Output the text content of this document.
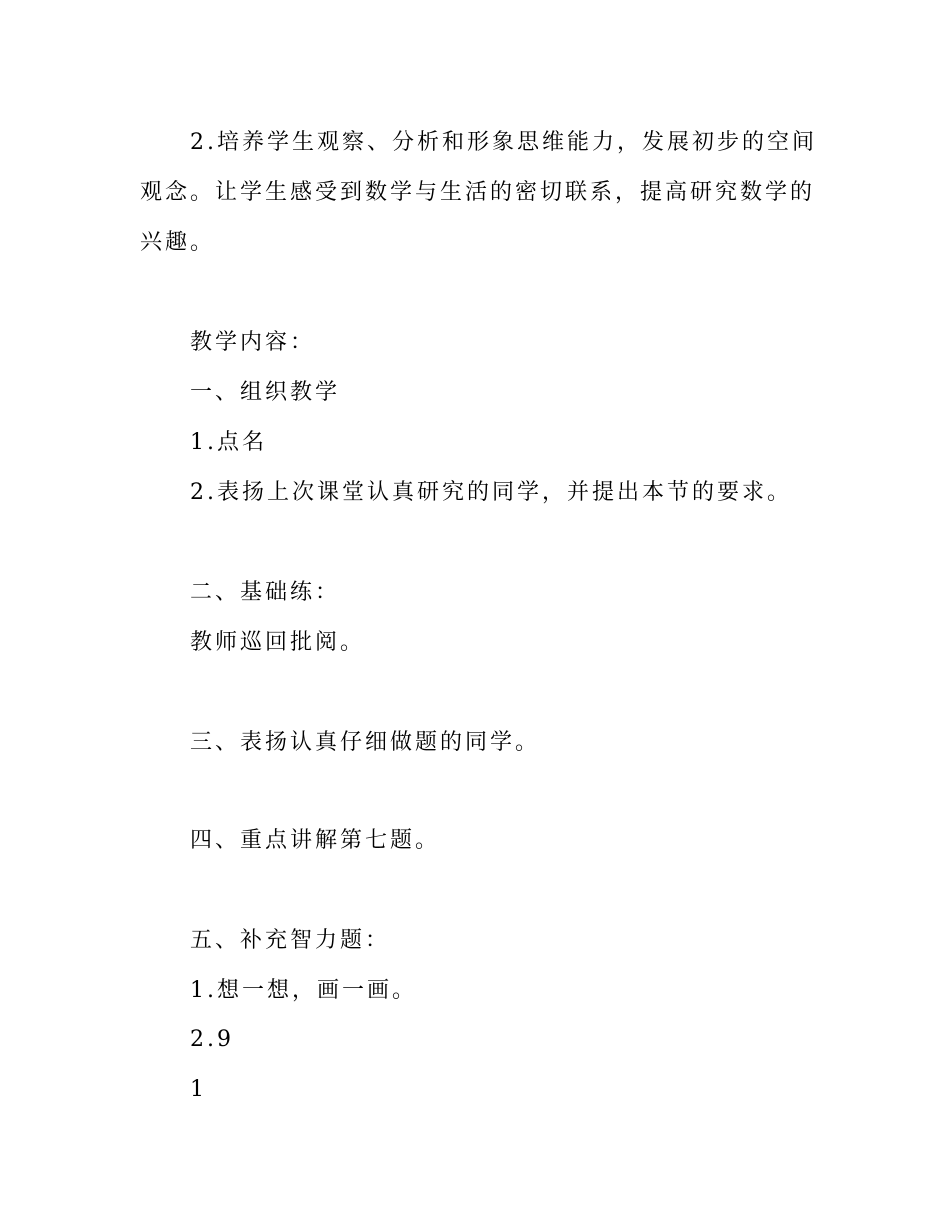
2.培养学生观察、分析和形象思维能力，发展初步的空间
观念。让学生感受到数学与生活的密切联系，提高研究数学的
兴趣。
教学内容：
一、组织教学
1.点名
2.表扬上次课堂认真研究的同学，并提出本节的要求。
二、基础练：
教师巡回批阅。
三、表扬认真仔细做题的同学。
四、重点讲解第七题。
五、补充智力题：
1.想一想，画一画。
2.9
1
